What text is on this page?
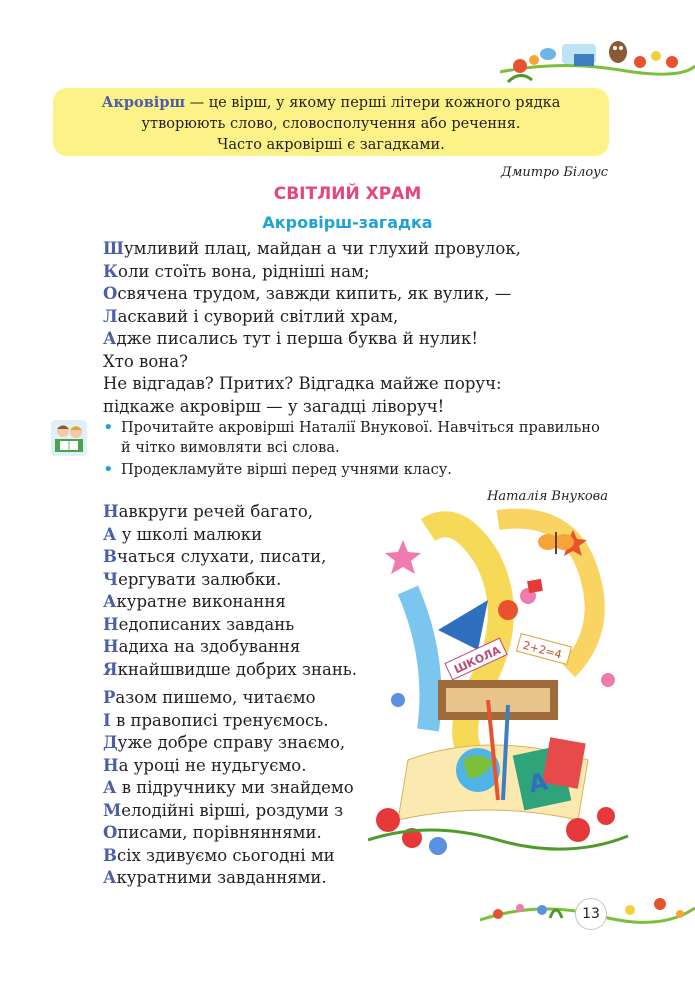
Акровірш — це вірш, у якому перші літери кожного рядка
утворюють слово, словосполучення або речення.
Часто акровірші є загадками.
Дмитро Білоус
СВІТЛИЙ ХРАМ
Акровірш-загадка
Шумливий плац, майдан а чи глухий провулок,
Коли стоїть вона, рідніші нам;
Освячена трудом, завжди кипить, як вулик, —
Ласкавий і суворий світлий храм,
Адже писались тут і перша буква й нулик!
Хто вона?
Не відгадав? Притих? Відгадка майже поруч:
підкаже акровірш — у загадці ліворуч!
• Прочитайте акровірші Наталії Внукової. Навчіться правильно й чітко вимовляти всі слова.
• Продекламуйте вірші перед учнями класу.
Наталія Внукова
Навкруги речей багато,
А у школі малюки
Вчаться слухати, писати,
Чергувати залюбки.
Акуратне виконання
Недописаних завдань
Надиха на здобування
Якнайшвидше добрих знань.
Разом пишемо, читаємо
І в правописі тренуємось.
Дуже добре справу знаємо,
На уроці не нудьгуємо.
А в підручнику ми знайдемо
Мелодійні вірші, роздуми з
Описами, порівняннями.
Всіх здивуємо сьогодні ми
Акуратними завданнями.
ШКОЛА 2+2=4
А
13
